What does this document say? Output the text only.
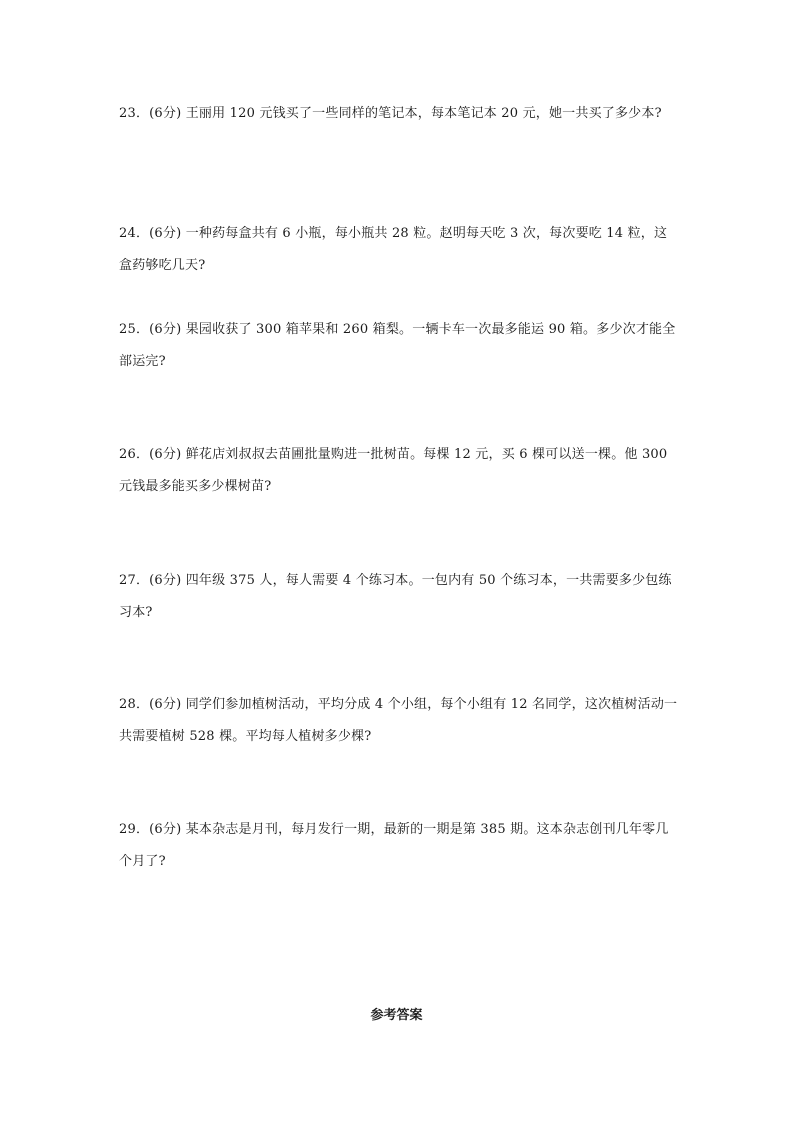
23．(6分) 王丽用 120 元钱买了一些同样的笔记本，每本笔记本 20 元，她一共买了多少本?

24．(6分) 一种药每盒共有 6 小瓶，每小瓶共 28 粒。赵明每天吃 3 次，每次要吃 14 粒，这盒药够吃几天?

25．(6分) 果园收获了 300 箱苹果和 260 箱梨。一辆卡车一次最多能运 90 箱。多少次才能全部运完?

26．(6分) 鲜花店刘叔叔去苗圃批量购进一批树苗。每棵 12 元，买 6 棵可以送一棵。他 300 元钱最多能买多少棵树苗?

27．(6分) 四年级 375 人，每人需要 4 个练习本。一包内有 50 个练习本，一共需要多少包练习本?

28．(6分) 同学们参加植树活动，平均分成 4 个小组，每个小组有 12 名同学，这次植树活动一共需要植树 528 棵。平均每人植树多少棵?

29．(6分) 某本杂志是月刊，每月发行一期，最新的一期是第 385 期。这本杂志创刊几年零几个月了?

参考答案
